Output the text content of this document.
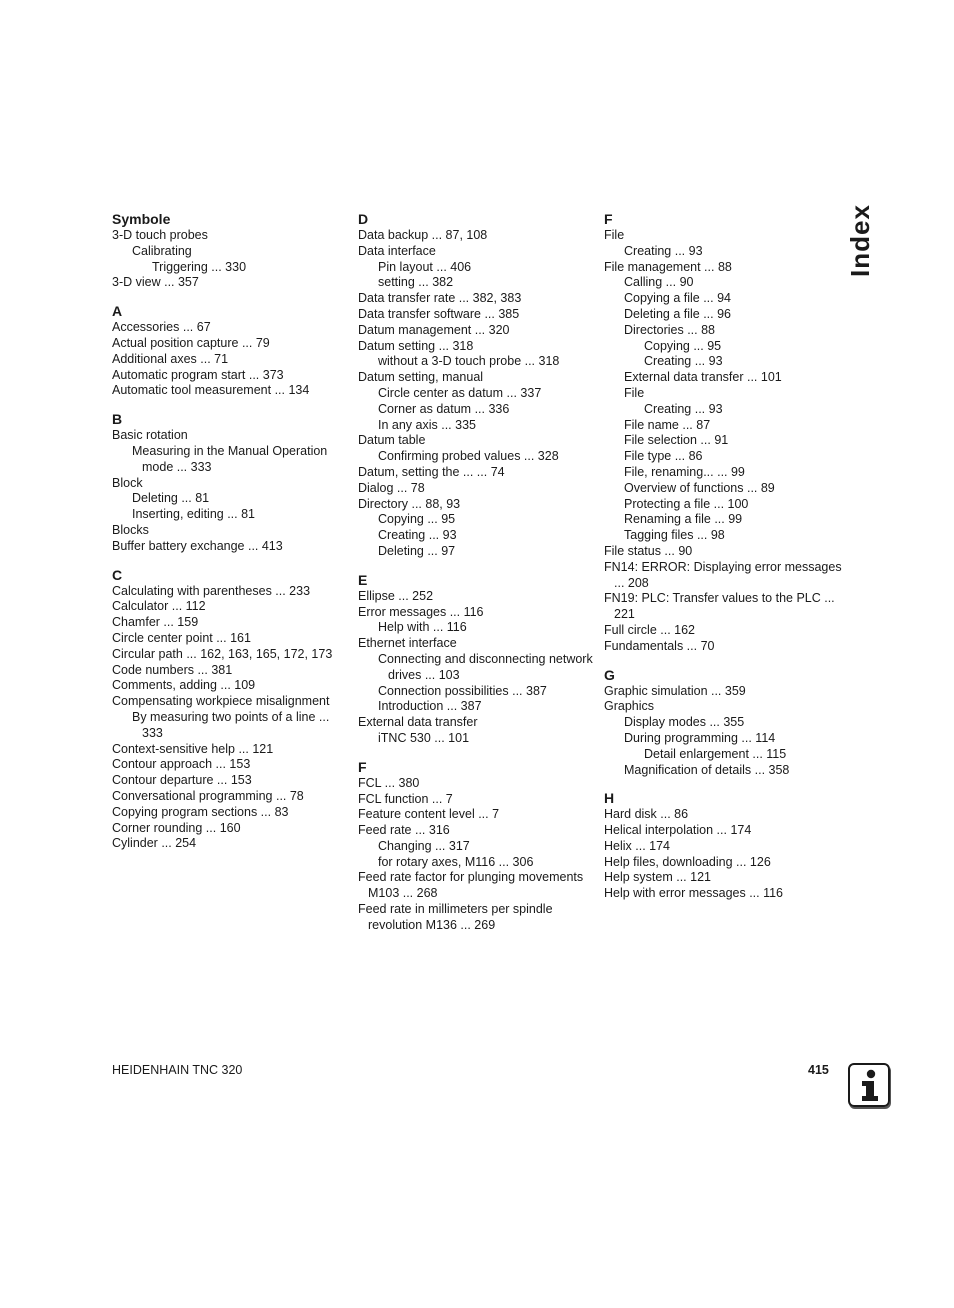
Symbole
3-D touch probes
Calibrating
Triggering ... 330
3-D view ... 357
A
Accessories ... 67
Actual position capture ... 79
Additional axes ... 71
Automatic program start ... 373
Automatic tool measurement ... 134
B
Basic rotation
Measuring in the Manual Operation mode ... 333
Block
Deleting ... 81
Inserting, editing ... 81
Blocks
Buffer battery exchange ... 413
C
Calculating with parentheses ... 233
Calculator ... 112
Chamfer ... 159
Circle center point ... 161
Circular path ... 162, 163, 165, 172, 173
Code numbers ... 381
Comments, adding ... 109
Compensating workpiece misalignment
By measuring two points of a line ... 333
Context-sensitive help ... 121
Contour approach ... 153
Contour departure ... 153
Conversational programming ... 78
Copying program sections ... 83
Corner rounding ... 160
Cylinder ... 254
D
Data backup ... 87, 108
Data interface
Pin layout ... 406
setting ... 382
Data transfer rate ... 382, 383
Data transfer software ... 385
Datum management ... 320
Datum setting ... 318
without a 3-D touch probe ... 318
Datum setting, manual
Circle center as datum ... 337
Corner as datum ... 336
In any axis ... 335
Datum table
Confirming probed values ... 328
Datum, setting the ... ... 74
Dialog ... 78
Directory ... 88, 93
Copying ... 95
Creating ... 93
Deleting ... 97
E
Ellipse ... 252
Error messages ... 116
Help with ... 116
Ethernet interface
Connecting and disconnecting network drives ... 103
Connection possibilities ... 387
Introduction ... 387
External data transfer
iTNC 530 ... 101
F
FCL ... 380
FCL function ... 7
Feature content level ... 7
Feed rate ... 316
Changing ... 317
for rotary axes, M116 ... 306
Feed rate factor for plunging movements M103 ... 268
Feed rate in millimeters per spindle revolution M136 ... 269
F
File
Creating ... 93
File management ... 88
Calling ... 90
Copying a file ... 94
Deleting a file ... 96
Directories ... 88
Copying ... 95
Creating ... 93
External data transfer ... 101
File
Creating ... 93
File name ... 87
File selection ... 91
File type ... 86
File, renaming... ... 99
Overview of functions ... 89
Protecting a file ... 100
Renaming a file ... 99
Tagging files ... 98
File status ... 90
FN14: ERROR: Displaying error messages ... 208
FN19: PLC: Transfer values to the PLC ... 221
Full circle ... 162
Fundamentals ... 70
G
Graphic simulation ... 359
Graphics
Display modes ... 355
During programming ... 114
Detail enlargement ... 115
Magnification of details ... 358
H
Hard disk ... 86
Helical interpolation ... 174
Helix ... 174
Help files, downloading ... 126
Help system ... 121
Help with error messages ... 116
Index
HEIDENHAIN TNC 320	415
